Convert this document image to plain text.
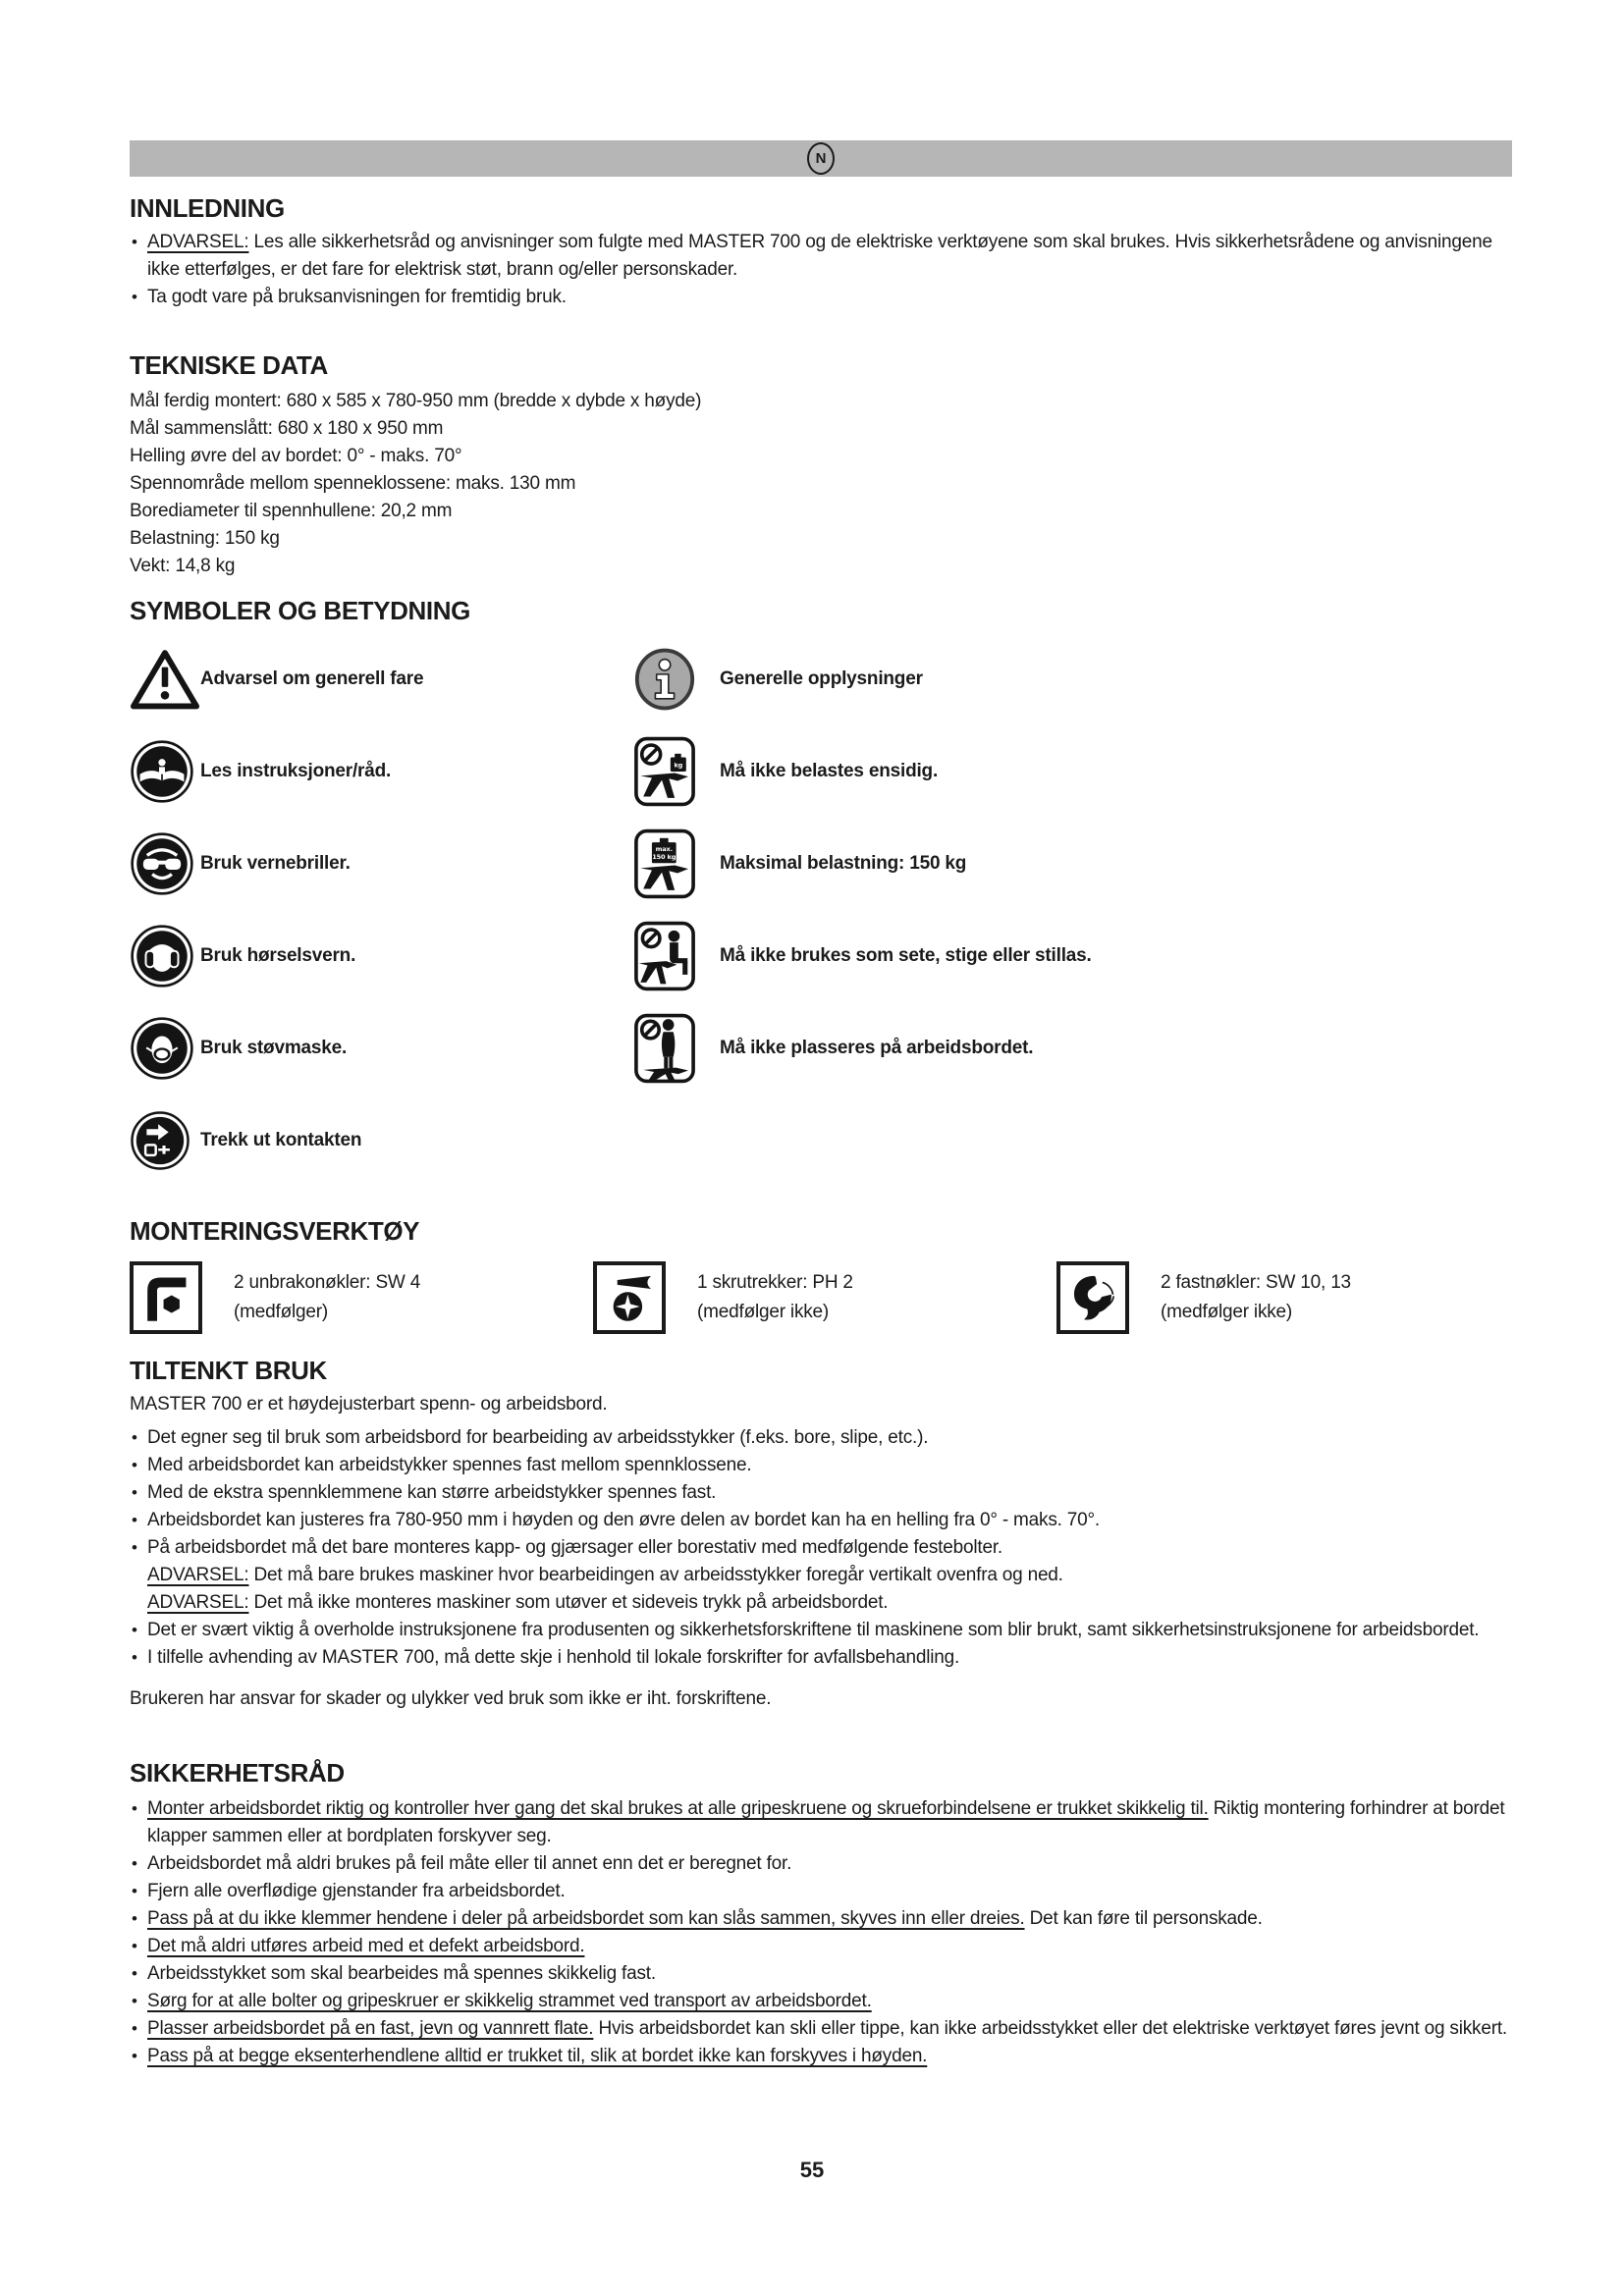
N
INNLEDNING
• ADVARSEL: Les alle sikkerhetsråd og anvisninger som fulgte med MASTER 700 og de elektriske verktøyene som skal brukes. Hvis sikkerhetsrådene og anvisningene ikke etterfølges, er det fare for elektrisk støt, brann og/eller personskader.
• Ta godt vare på bruksanvisningen for fremtidig bruk.
TEKNISKE DATA
Mål ferdig montert: 680 x 585 x 780-950 mm (bredde x dybde x høyde)
Mål sammenslått: 680 x 180 x 950 mm
Helling øvre del av bordet: 0° - maks. 70°
Spennområde mellom spenneklossene: maks. 130 mm
Borediameter til spennhullene: 20,2 mm
Belastning: 150 kg
Vekt: 14,8 kg
SYMBOLER OG BETYDNING
Advarsel om generell fare
Les instruksjoner/råd.
Bruk vernebriller.
Bruk hørselsvern.
Bruk støvmaske.
Trekk ut kontakten
Generelle opplysninger
kg Må ikke belastes ensidig.
max.
150 kg Maksimal belastning: 150 kg
Må ikke brukes som sete, stige eller stillas.
Må ikke plasseres på arbeidsbordet.
MONTERINGSVERKTØY
2 unbrakonøkler: SW 4
(medfølger)
1 skrutrekker: PH 2
(medfølger ikke)
2 fastnøkler: SW 10, 13
(medfølger ikke)
TILTENKT BRUK

MASTER 700 er et høydejusterbart spenn- og arbeidsbord.

• Det egner seg til bruk som arbeidsbord for bearbeiding av arbeidsstykker (f.eks. bore, slipe, etc.).
• Med arbeidsbordet kan arbeidstykker spennes fast mellom spennklossene.
• Med de ekstra spennklemmene kan større arbeidstykker spennes fast.
• Arbeidsbordet kan justeres fra 780-950 mm i høyden og den øvre delen av bordet kan ha en helling fra 0° - maks. 70°.
• På arbeidsbordet må det bare monteres kapp- og gjærsager eller borestativ med medfølgende festebolter.
ADVARSEL: Det må bare brukes maskiner hvor bearbeidingen av arbeidsstykker foregår vertikalt ovenfra og ned.
ADVARSEL: Det må ikke monteres maskiner som utøver et sideveis trykk på arbeidsbordet.
• Det er svært viktig å overholde instruksjonene fra produsenten og sikkerhetsforskriftene til maskinene som blir brukt, samt sikkerhetsinstruksjonene for arbeidsbordet.
• I tilfelle avhending av MASTER 700, må dette skje i henhold til lokale forskrifter for avfallsbehandling.

Brukeren har ansvar for skader og ulykker ved bruk som ikke er iht. forskriftene.

SIKKERHETSRÅD
• Monter arbeidsbordet riktig og kontroller hver gang det skal brukes at alle gripeskruene og skrueforbindelsene er trukket skikkelig til. Riktig montering forhindrer at bordet klapper sammen eller at bordplaten forskyver seg.
• Arbeidsbordet må aldri brukes på feil måte eller til annet enn det er beregnet for.
• Fjern alle overflødige gjenstander fra arbeidsbordet.
• Pass på at du ikke klemmer hendene i deler på arbeidsbordet som kan slås sammen, skyves inn eller dreies. Det kan føre til personskade.
• Det må aldri utføres arbeid med et defekt arbeidsbord.
• Arbeidsstykket som skal bearbeides må spennes skikkelig fast.
• Sørg for at alle bolter og gripeskruer er skikkelig strammet ved transport av arbeidsbordet.
• Plasser arbeidsbordet på en fast, jevn og vannrett flate. Hvis arbeidsbordet kan skli eller tippe, kan ikke arbeidsstykket eller det elektriske verktøyet føres jevnt og sikkert.
• Pass på at begge eksenterhendlene alltid er trukket til, slik at bordet ikke kan forskyves i høyden.
55
